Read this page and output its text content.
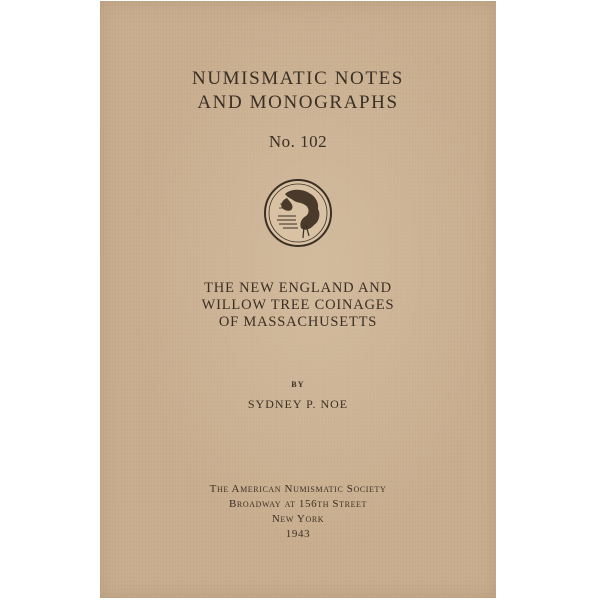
NUMISMATIC NOTES
AND MONOGRAPHS
No. 102
THE NEW ENGLAND AND
WILLOW TREE COINAGES
OF MASSACHUSETTS
BY
SYDNEY P. NOE
The American Numismatic Society
Broadway at 156th Street
New York
1943
